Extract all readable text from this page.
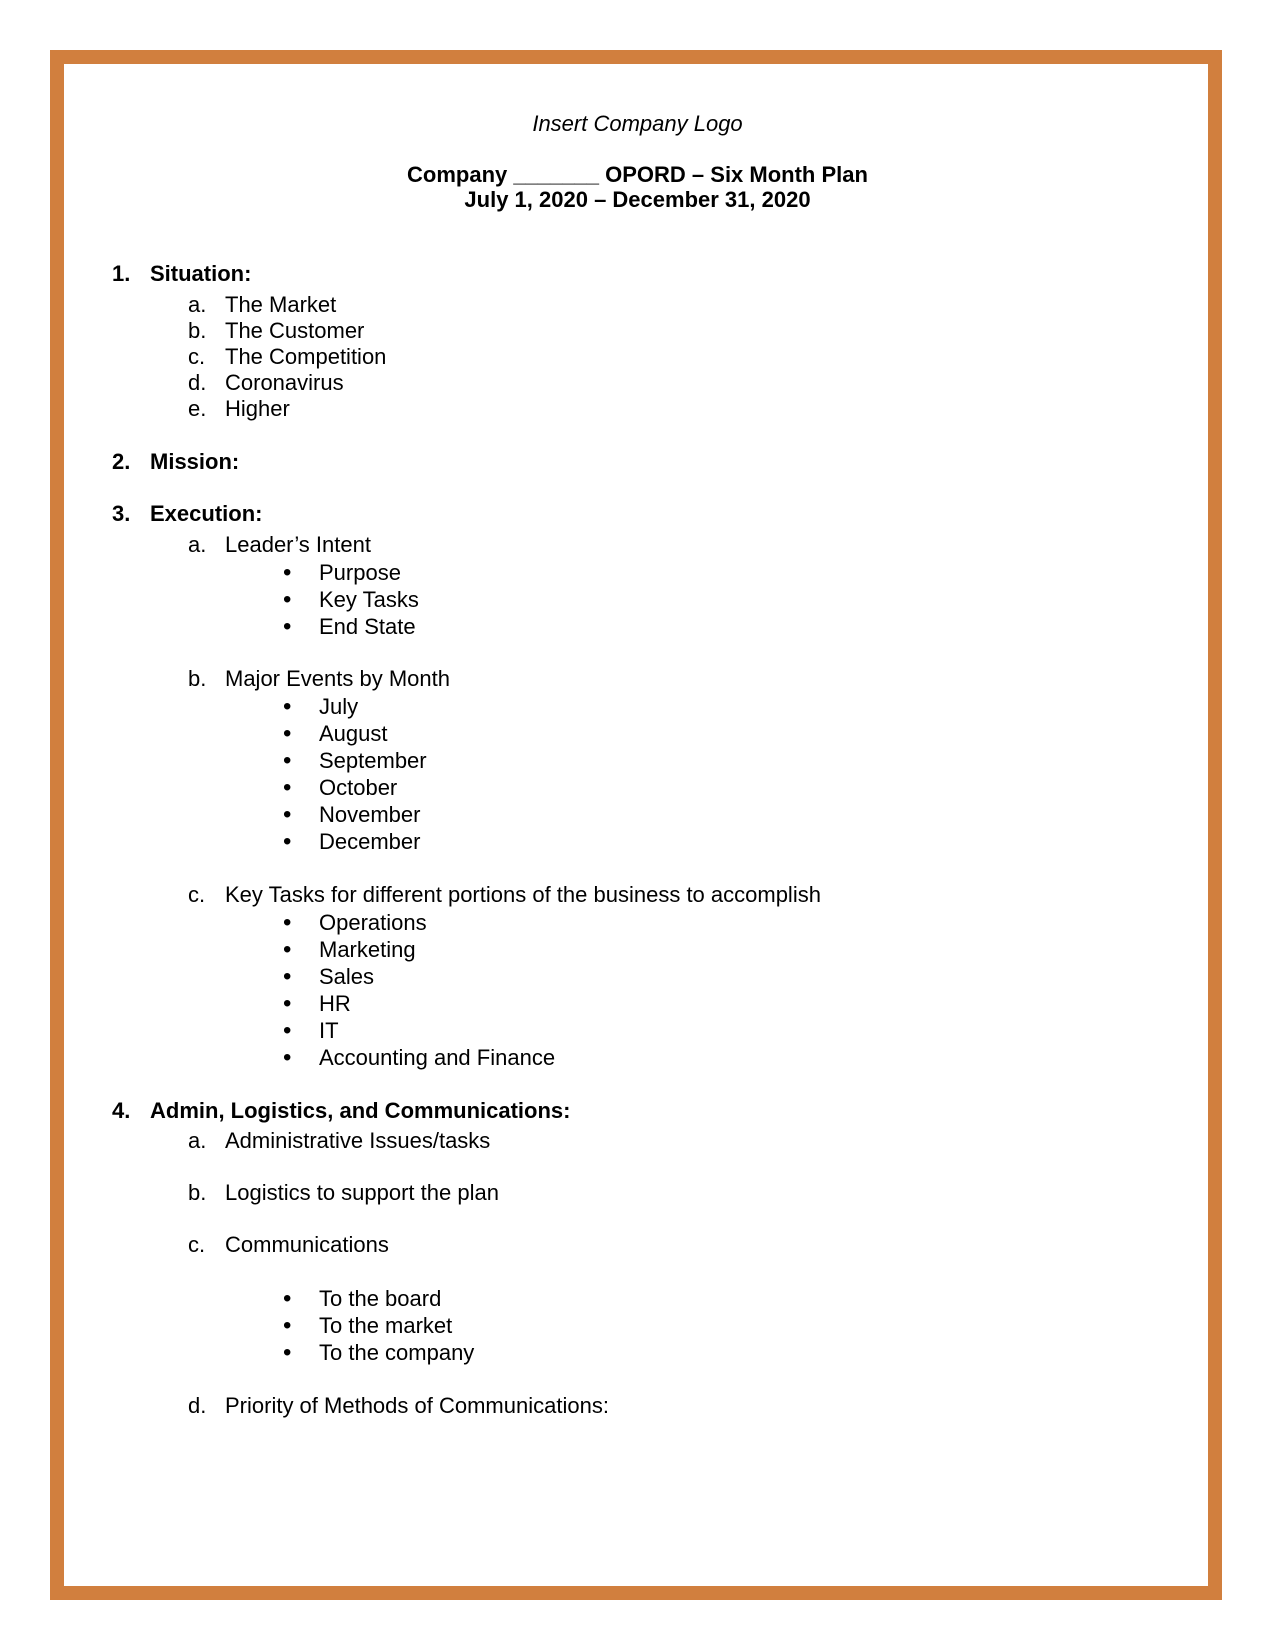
Insert Company Logo
Company _______ OPORD – Six Month Plan
July 1, 2020 – December 31, 2020
1. Situation:
a. The Market
b. The Customer
c. The Competition
d. Coronavirus
e. Higher
2. Mission:
3. Execution:
a. Leader’s Intent
• Purpose
• Key Tasks
• End State
b. Major Events by Month
• July
• August
• September
• October
• November
• December
c. Key Tasks for different portions of the business to accomplish
• Operations
• Marketing
• Sales
• HR
• IT
• Accounting and Finance
4. Admin, Logistics, and Communications:
a. Administrative Issues/tasks
b. Logistics to support the plan
c. Communications
• To the board
• To the market
• To the company
d. Priority of Methods of Communications:
